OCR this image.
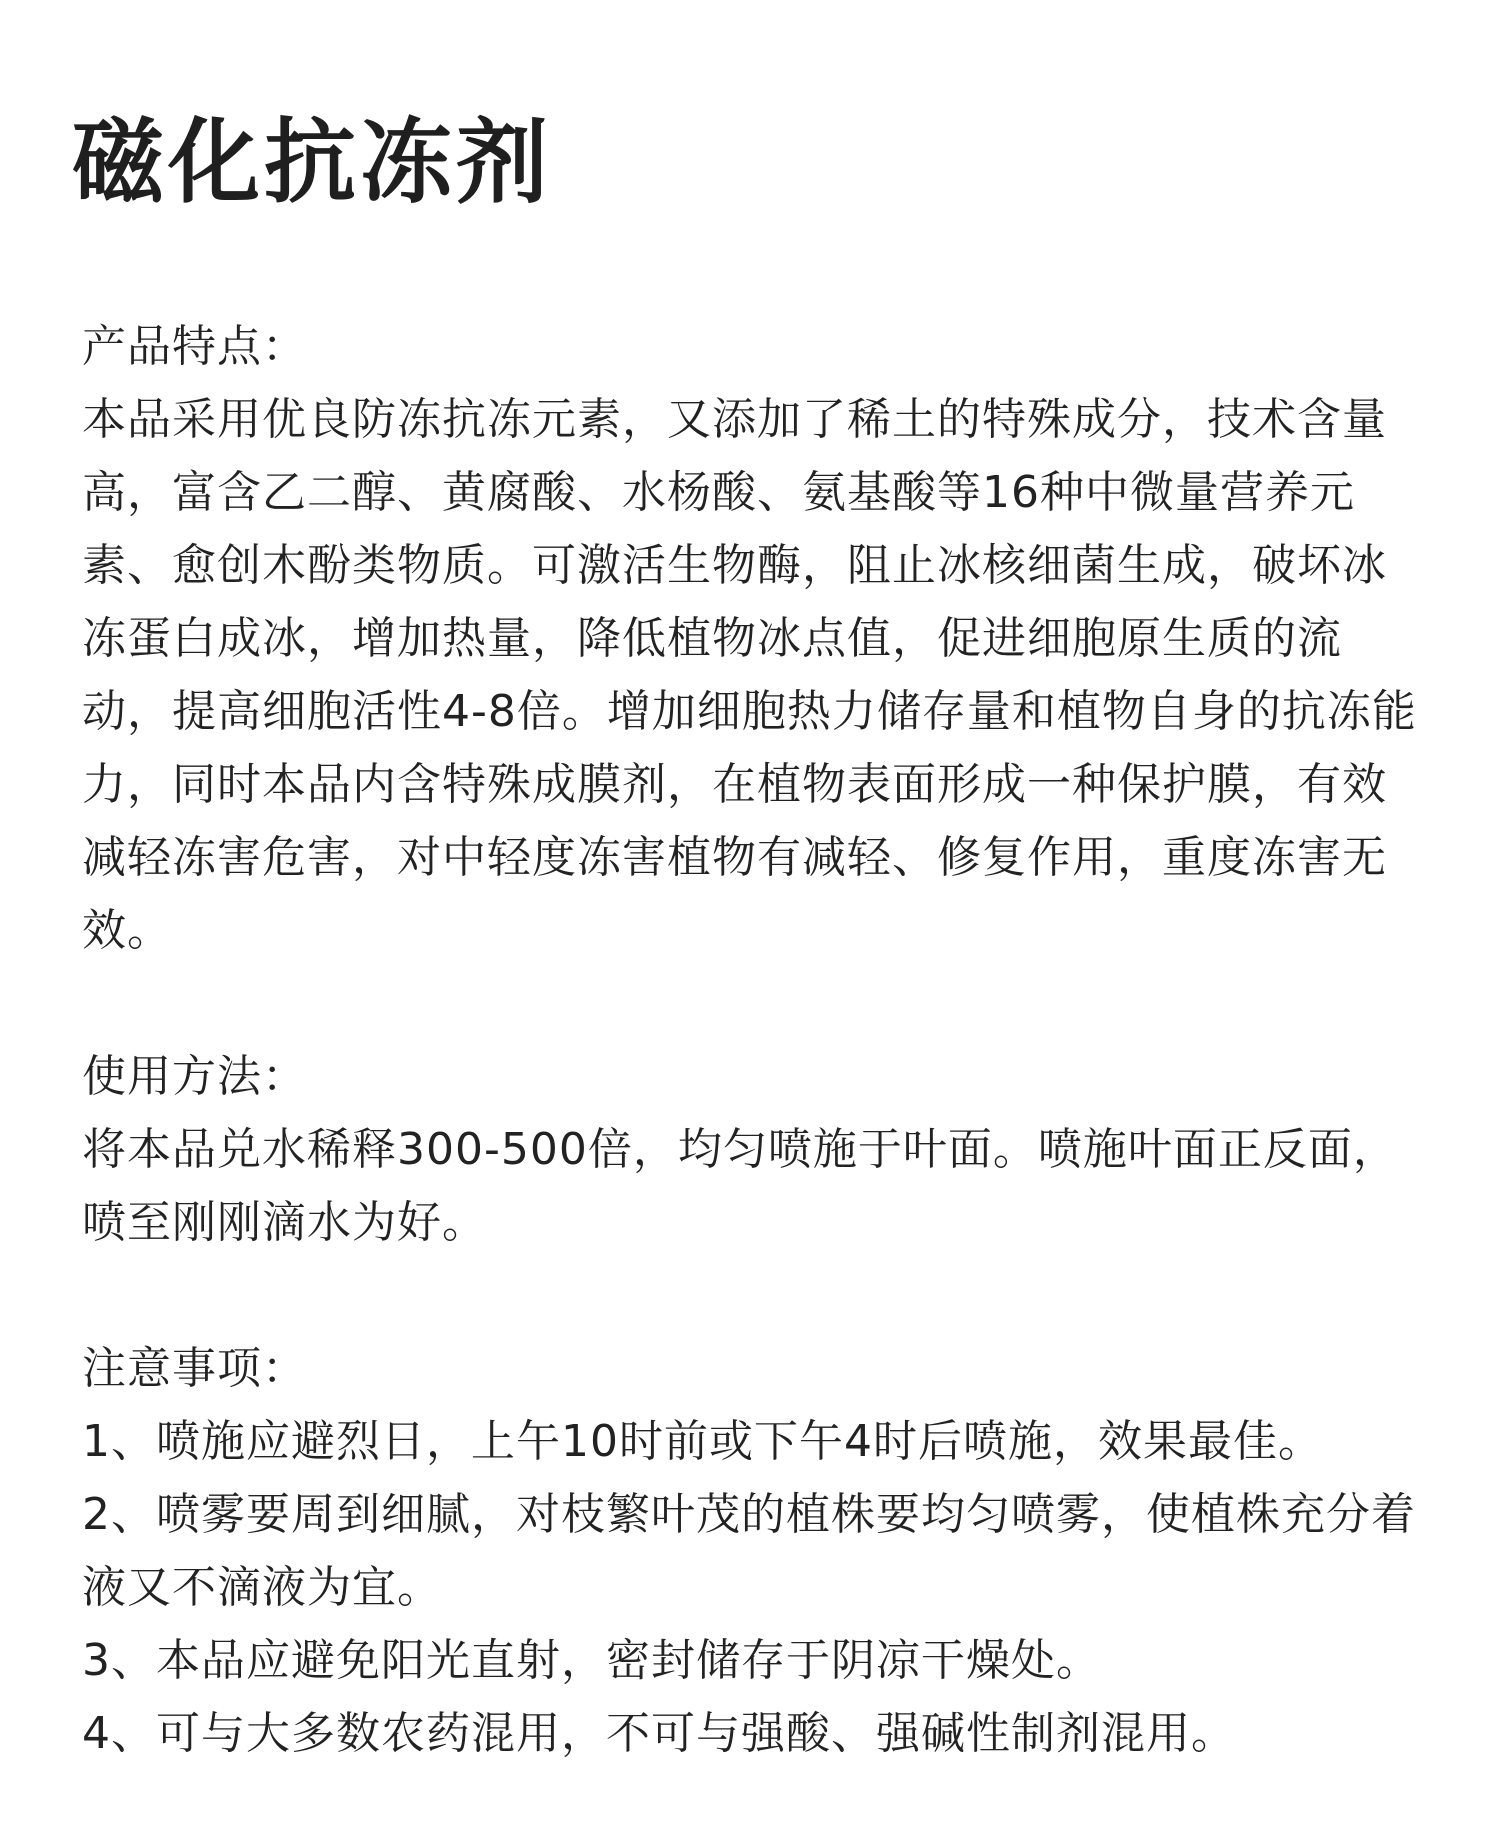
磁化抗冻剂

产品特点：

本品采用优良防冻抗冻元素，又添加了稀土的特殊成分，技术含量高，富含乙二醇、黄腐酸、水杨酸、氨基酸等16种中微量营养元素、愈创木酚类物质。可激活生物酶，阻止冰核细菌生成，破坏冰冻蛋白成冰，增加热量，降低植物冰点值，促进细胞原生质的流动，提高细胞活性4-8倍。增加细胞热力储存量和植物自身的抗冻能力，同时本品内含特殊成膜剂，在植物表面形成一种保护膜，有效减轻冻害危害，对中轻度冻害植物有减轻、修复作用，重度冻害无效。

使用方法：

将本品兑水稀释300-500倍，均匀喷施于叶面。喷施叶面正反面，喷至刚刚滴水为好。

注意事项：

1、喷施应避烈日，上午10时前或下午4时后喷施，效果最佳。

2、喷雾要周到细腻，对枝繁叶茂的植株要均匀喷雾，使植株充分着液又不滴液为宜。

3、本品应避免阳光直射，密封储存于阴凉干燥处。

4、可与大多数农药混用，不可与强酸、强碱性制剂混用。
